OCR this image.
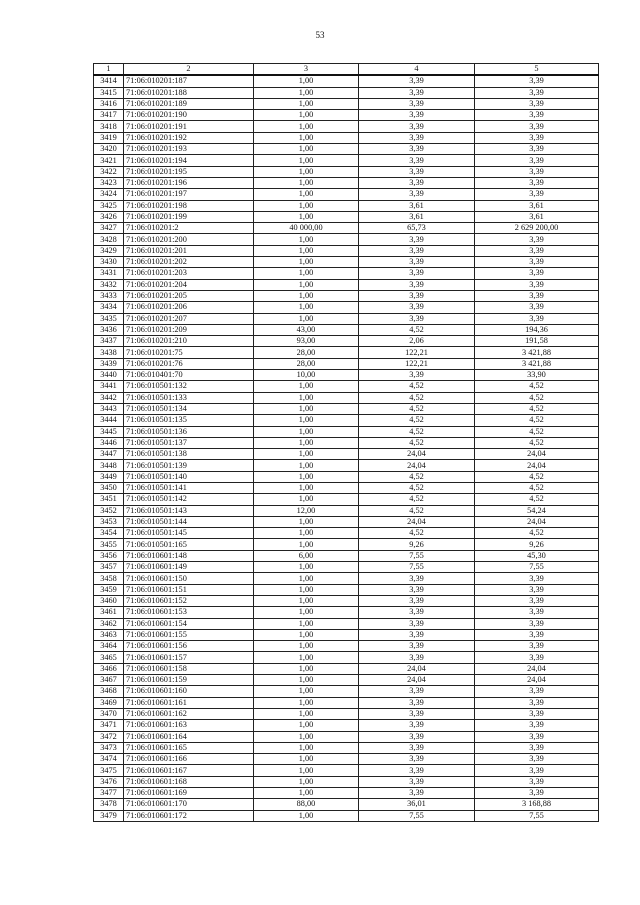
53
1	2	3	4	5
3414	71:06:010201:187	1,00	3,39	3,39
3415	71:06:010201:188	1,00	3,39	3,39
3416	71:06:010201:189	1,00	3,39	3,39
3417	71:06:010201:190	1,00	3,39	3,39
3418	71:06:010201:191	1,00	3,39	3,39
3419	71:06:010201:192	1,00	3,39	3,39
3420	71:06:010201:193	1,00	3,39	3,39
3421	71:06:010201:194	1,00	3,39	3,39
3422	71:06:010201:195	1,00	3,39	3,39
3423	71:06:010201:196	1,00	3,39	3,39
3424	71:06:010201:197	1,00	3,39	3,39
3425	71:06:010201:198	1,00	3,61	3,61
3426	71:06:010201:199	1,00	3,61	3,61
3427	71:06:010201:2	40 000,00	65,73	2 629 200,00
3428	71:06:010201:200	1,00	3,39	3,39
3429	71:06:010201:201	1,00	3,39	3,39
3430	71:06:010201:202	1,00	3,39	3,39
3431	71:06:010201:203	1,00	3,39	3,39
3432	71:06:010201:204	1,00	3,39	3,39
3433	71:06:010201:205	1,00	3,39	3,39
3434	71:06:010201:206	1,00	3,39	3,39
3435	71:06:010201:207	1,00	3,39	3,39
3436	71:06:010201:209	43,00	4,52	194,36
3437	71:06:010201:210	93,00	2,06	191,58
3438	71:06:010201:75	28,00	122,21	3 421,88
3439	71:06:010201:76	28,00	122,21	3 421,88
3440	71:06:010401:70	10,00	3,39	33,90
3441	71:06:010501:132	1,00	4,52	4,52
3442	71:06:010501:133	1,00	4,52	4,52
3443	71:06:010501:134	1,00	4,52	4,52
3444	71:06:010501:135	1,00	4,52	4,52
3445	71:06:010501:136	1,00	4,52	4,52
3446	71:06:010501:137	1,00	4,52	4,52
3447	71:06:010501:138	1,00	24,04	24,04
3448	71:06:010501:139	1,00	24,04	24,04
3449	71:06:010501:140	1,00	4,52	4,52
3450	71:06:010501:141	1,00	4,52	4,52
3451	71:06:010501:142	1,00	4,52	4,52
3452	71:06:010501:143	12,00	4,52	54,24
3453	71:06:010501:144	1,00	24,04	24,04
3454	71:06:010501:145	1,00	4,52	4,52
3455	71:06:010501:165	1,00	9,26	9,26
3456	71:06:010601:148	6,00	7,55	45,30
3457	71:06:010601:149	1,00	7,55	7,55
3458	71:06:010601:150	1,00	3,39	3,39
3459	71:06:010601:151	1,00	3,39	3,39
3460	71:06:010601:152	1,00	3,39	3,39
3461	71:06:010601:153	1,00	3,39	3,39
3462	71:06:010601:154	1,00	3,39	3,39
3463	71:06:010601:155	1,00	3,39	3,39
3464	71:06:010601:156	1,00	3,39	3,39
3465	71:06:010601:157	1,00	3,39	3,39
3466	71:06:010601:158	1,00	24,04	24,04
3467	71:06:010601:159	1,00	24,04	24,04
3468	71:06:010601:160	1,00	3,39	3,39
3469	71:06:010601:161	1,00	3,39	3,39
3470	71:06:010601:162	1,00	3,39	3,39
3471	71:06:010601:163	1,00	3,39	3,39
3472	71:06:010601:164	1,00	3,39	3,39
3473	71:06:010601:165	1,00	3,39	3,39
3474	71:06:010601:166	1,00	3,39	3,39
3475	71:06:010601:167	1,00	3,39	3,39
3476	71:06:010601:168	1,00	3,39	3,39
3477	71:06:010601:169	1,00	3,39	3,39
3478	71:06:010601:170	88,00	36,01	3 168,88
3479	71:06:010601:172	1,00	7,55	7,55
